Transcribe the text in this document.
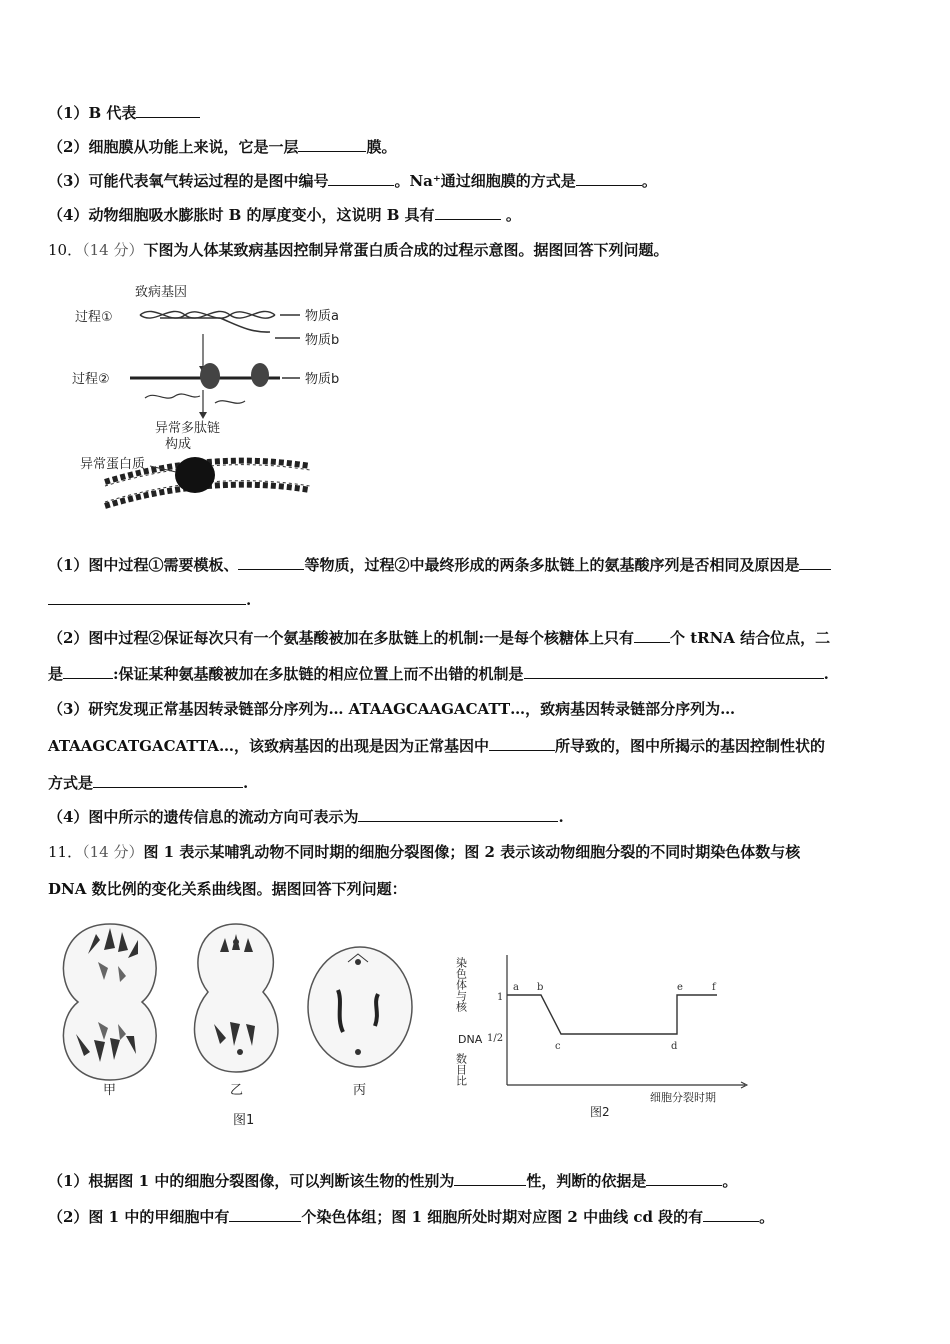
（1）B 代表
（2）细胞膜从功能上来说，它是一层	膜。
（3）可能代表氧气转运过程的是图中编号	。Na⁺通过细胞膜的方式是	。
（4）动物细胞吸水膨胀时 B 的厚度变小，这说明 B 具有	。
10．（14 分）下图为人体某致病基因控制异常蛋白质合成的过程示意图。据图回答下列问题。
致病基因
过程①	物质a
物质b
过程②	物质b
异常多肽链
构成
异常蛋白质
（1）图中过程①需要模板、	等物质，过程②中最终形成的两条多肽链上的氨基酸序列是否相同及原因是
.
（2）图中过程②保证每次只有一个氨基酸被加在多肽链上的机制:一是每个核糖体上只有 个 tRNA 结合位点，二
是	:保证某种氨基酸被加在多肽链的相应位置上而不出错的机制是	.
（3）研究发现正常基因转录链部分序列为… ATAAGCAAGACATT…，致病基因转录链部分序列为…
ATAAGCATGACATTA…，该致病基因的出现是因为正常基因中	所导致的，图中所揭示的基因控制性状的
方式是	.
（4）图中所示的遗传信息的流动方向可表示为	.
11．（14 分）图 1 表示某哺乳动物不同时期的细胞分裂图像；图 2 表示该动物细胞分裂的不同时期染色体数与核
DNA 数比例的变化关系曲线图。据图回答下列问题：
甲	乙	丙
图1
染色体与核
DNA
数目比
1
1/2
a b
c	d
e	f
细胞分裂时期
图2
（1）根据图 1 中的细胞分裂图像，可以判断该生物的性别为	性，判断的依据是	。
（2）图 1 中的甲细胞中有	个染色体组；图 1 细胞所处时期对应图 2 中曲线 cd 段的有	。
